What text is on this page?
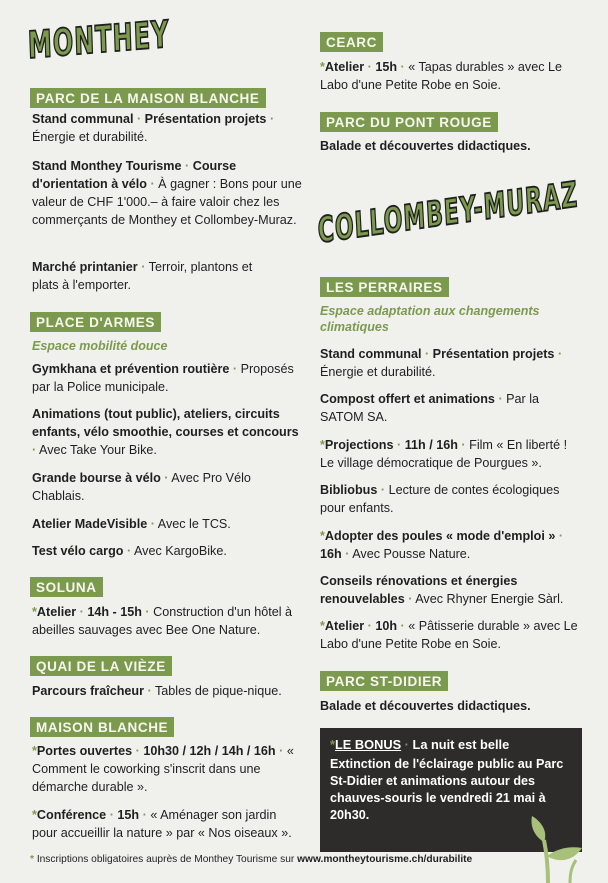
MONTHEY
COLLOMBEY-MURAZ
PARC DE LA MAISON BLANCHE
Stand communal · Présentation projets · Énergie et durabilité.
Stand Monthey Tourisme · Course d'orientation à vélo · À gagner : Bons pour une valeur de CHF 1'000.– à faire valoir chez les commerçants de Monthey et Collombey-Muraz.
Marché printanier · Terroir, plantons et plats à l'emporter.
PLACE D'ARMES
Espace mobilité douce
Gymkhana et prévention routière · Proposés par la Police municipale.
Animations (tout public), ateliers, circuits enfants, vélo smoothie, courses et concours · Avec Take Your Bike.
Grande bourse à vélo · Avec Pro Vélo Chablais.
Atelier MadeVisible · Avec le TCS.
Test vélo cargo · Avec KargoBike.
SOLUNA
*Atelier · 14h - 15h · Construction d'un hôtel à abeilles sauvages avec Bee One Nature.
QUAI DE LA VIÈZE
Parcours fraîcheur · Tables de pique-nique.
MAISON BLANCHE
*Portes ouvertes · 10h30 / 12h / 14h / 16h · « Comment le coworking s'inscrit dans une démarche durable ».
*Conférence · 15h · « Aménager son jardin pour accueillir la nature » par « Nos oiseaux ».
CEARC
*Atelier · 15h · « Tapas durables » avec Le Labo d'une Petite Robe en Soie.
PARC DU PONT ROUGE
Balade et découvertes didactiques.
LES PERRAIRES
Espace adaptation aux changements climatiques
Stand communal · Présentation projets · Énergie et durabilité.
Compost offert et animations · Par la SATOM SA.
*Projections · 11h / 16h · Film « En liberté ! Le village démocratique de Pourgues ».
Bibliobus · Lecture de contes écologiques pour enfants.
*Adopter des poules « mode d'emploi » · 16h · Avec Pousse Nature.
Conseils rénovations et énergies renouvelables · Avec Rhyner Energie Sàrl.
*Atelier · 10h · « Pâtisserie durable » avec Le Labo d'une Petite Robe en Soie.
PARC ST-DIDIER
Balade et découvertes didactiques.
*LE BONUS · La nuit est belle
Extinction de l'éclairage public au Parc St-Didier et animations autour des chauves-souris le vendredi 21 mai à 20h30.
* Inscriptions obligatoires auprès de Monthey Tourisme sur www.montheytourisme.ch/durabilite
